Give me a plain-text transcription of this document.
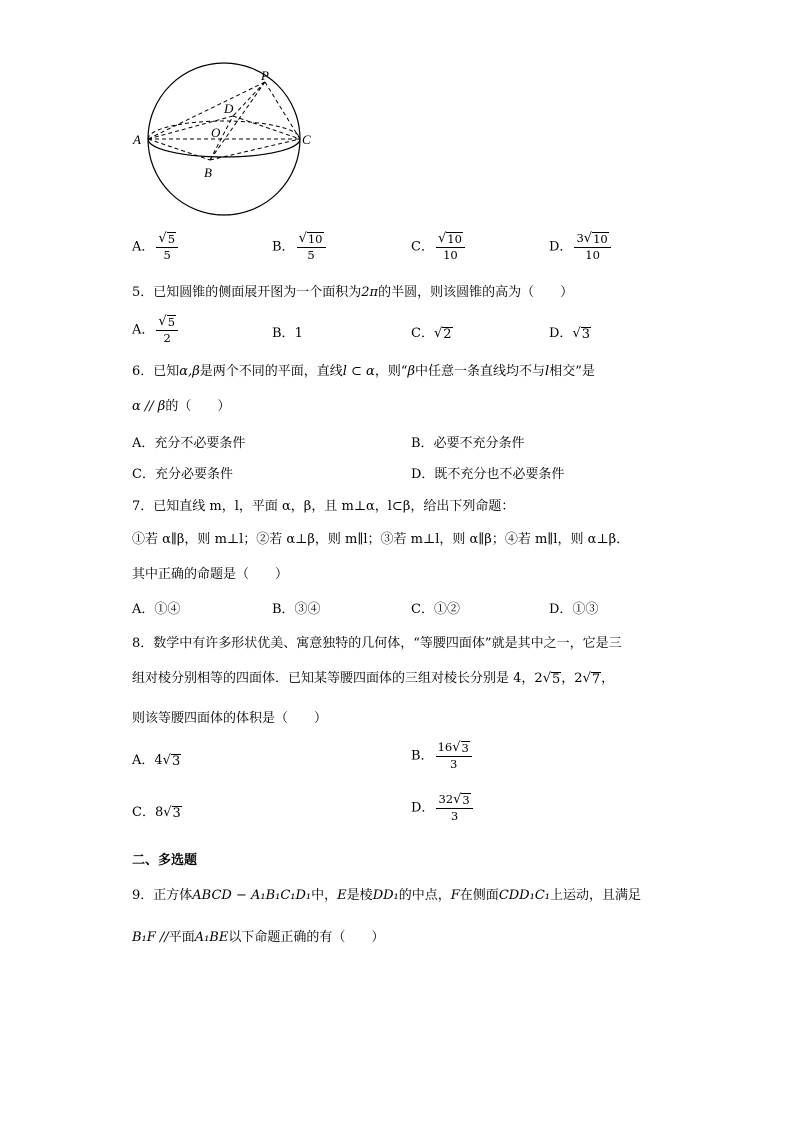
P
D
O
A
B
C
A． $\frac{√ 5}{5}$	B． $\frac{√ 10}{5}$	C． $\frac{√ 10}{10}$	D． $\frac{3 √ 10}{10}$
5．已知圆锥的侧面展开图为一个面积为2π的半圆，则该圆锥的高为（　　）
A． $\frac{√ 5}{2}$	B．1	C． √ 2	D． √ 3
6．已知α,β是两个不同的平面，直线l ⊂ α，则“β中任意一条直线均不与l相交”是
α // β的（　　）
A．充分不必要条件	B．必要不充分条件
C．充分必要条件	D．既不充分也不必要条件
7．已知直线 m，l，平面 α，β，且 m⊥α，l⊂β，给出下列命题：
①若 α∥β，则 m⊥l；②若 α⊥β，则 m∥l；③若 m⊥l，则 α∥β；④若 m∥l，则 α⊥β．
其中正确的命题是（　　）
A．①④	B．③④	C．①②	D．①③
8．数学中有许多形状优美、寓意独特的几何体，“等腰四面体”就是其中之一，它是三
组对棱分别相等的四面体．已知某等腰四面体的三组对棱长分别是 4，2 √ 5 ，2 √ 7 ，
则该等腰四面体的体积是（　　）
A．4 √ 3	B． $\frac{16 √ 3}{3}$
C．8 √ 3	D． $\frac{32 √ 3}{3}$
二、多选题
9．正方体ABCD − A₁B₁C₁D₁中，E是棱DD₁的中点，F在侧面CDD₁C₁上运动，且满足
B₁F //平面A₁BE以下命题正确的有（　　）
